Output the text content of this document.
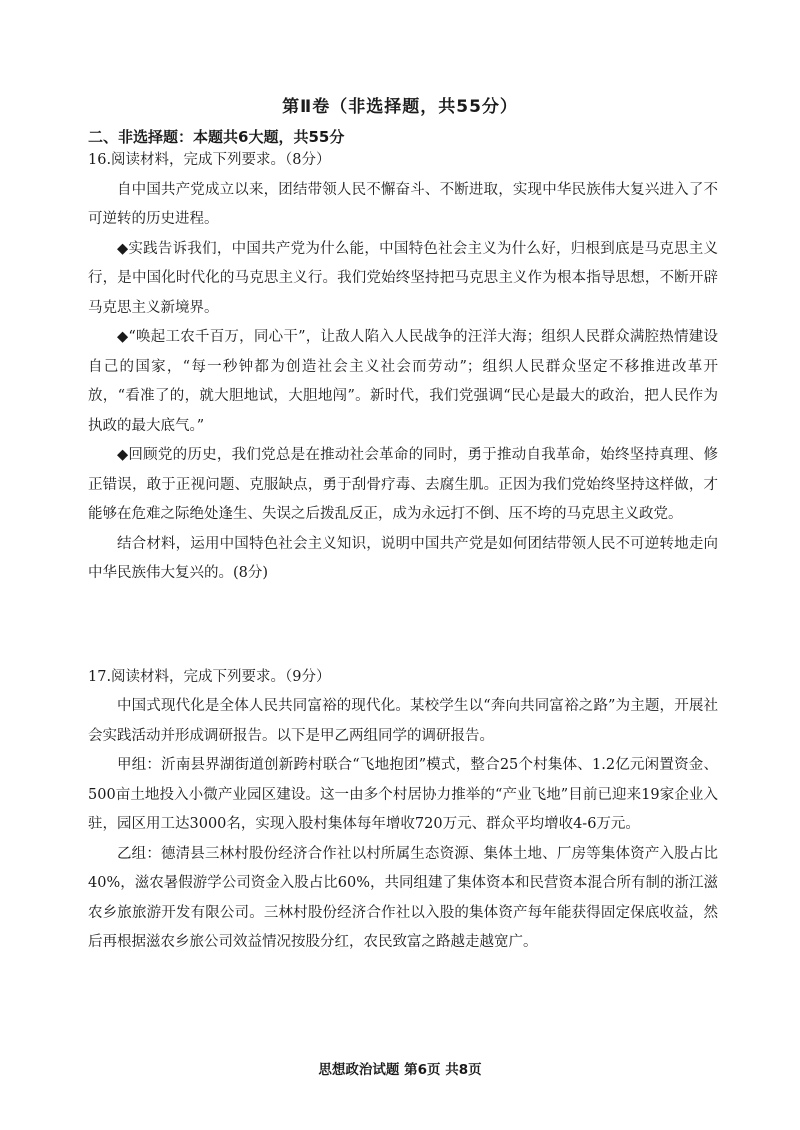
第Ⅱ卷（非选择题，共55分）
二、非选择题：本题共6大题，共55分

16.阅读材料，完成下列要求。（8分）

自中国共产党成立以来，团结带领人民不懈奋斗、不断进取，实现中华民族伟大复兴进入了不可逆转的历史进程。

◆实践告诉我们，中国共产党为什么能，中国特色社会主义为什么好，归根到底是马克思主义行，是中国化时代化的马克思主义行。我们党始终坚持把马克思主义作为根本指导思想，不断开辟马克思主义新境界。

◆“唤起工农千百万，同心干”，让敌人陷入人民战争的汪洋大海；组织人民群众满腔热情建设自己的国家，“每一秒钟都为创造社会主义社会而劳动”；组织人民群众坚定不移推进改革开放，“看准了的，就大胆地试，大胆地闯”。新时代，我们党强调“民心是最大的政治，把人民作为执政的最大底气。”

◆回顾党的历史，我们党总是在推动社会革命的同时，勇于推动自我革命，始终坚持真理、修正错误，敢于正视问题、克服缺点，勇于刮骨疗毒、去腐生肌。正因为我们党始终坚持这样做，才能够在危难之际绝处逢生、失误之后拨乱反正，成为永远打不倒、压不垮的马克思主义政党。

结合材料，运用中国特色社会主义知识，说明中国共产党是如何团结带领人民不可逆转地走向中华民族伟大复兴的。(8分)

17.阅读材料，完成下列要求。（9分）

中国式现代化是全体人民共同富裕的现代化。某校学生以“奔向共同富裕之路”为主题，开展社会实践活动并形成调研报告。以下是甲乙两组同学的调研报告。

甲组：沂南县界湖街道创新跨村联合“飞地抱团”模式，整合25个村集体、1.2亿元闲置资金、500亩土地投入小微产业园区建设。这一由多个村居协力推举的“产业飞地”目前已迎来19家企业入驻，园区用工达3000名，实现入股村集体每年增收720万元、群众平均增收4-6万元。

乙组：德清县三林村股份经济合作社以村所属生态资源、集体土地、厂房等集体资产入股占比40%，滋农暑假游学公司资金入股占比60%，共同组建了集体资本和民营资本混合所有制的浙江滋农乡旅旅游开发有限公司。三林村股份经济合作社以入股的集体资产每年能获得固定保底收益，然后再根据滋农乡旅公司效益情况按股分红，农民致富之路越走越宽广。

思想政治试题 第6页 共8页
